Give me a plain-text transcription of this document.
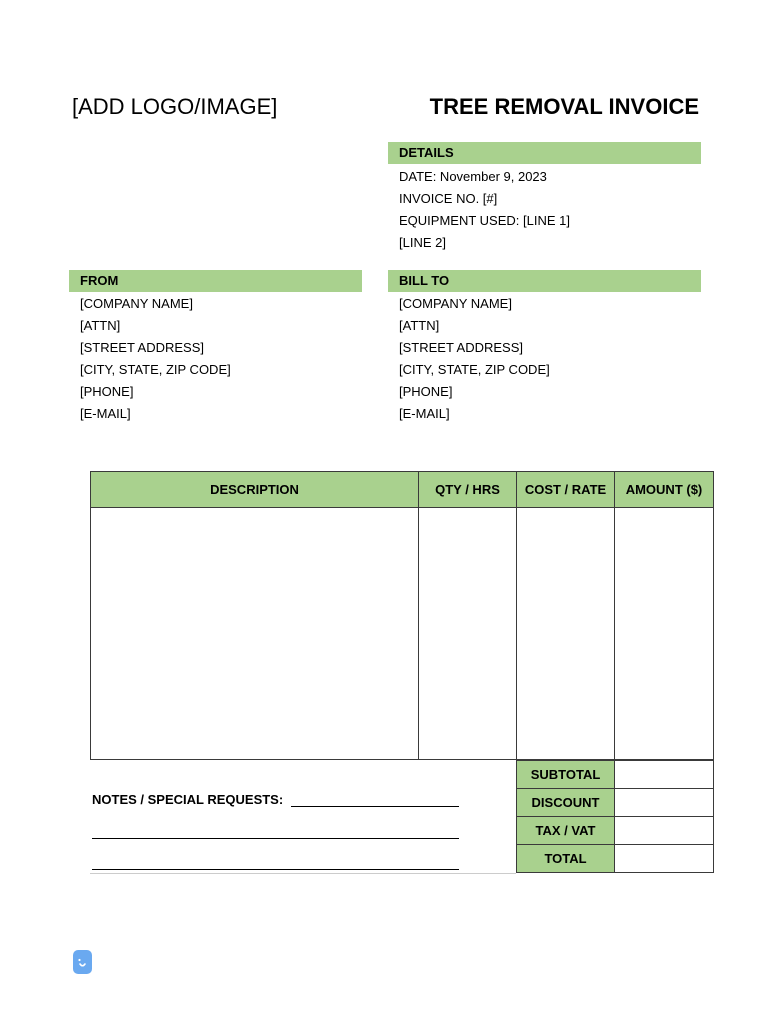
[ADD LOGO/IMAGE]	TREE REMOVAL INVOICE
DETAILS
DATE: November 9, 2023
INVOICE NO. [#]
EQUIPMENT USED: [LINE 1]
[LINE 2]
FROM
[COMPANY NAME]
[ATTN]
[STREET ADDRESS]
[CITY, STATE, ZIP CODE]
[PHONE]
[E-MAIL]
BILL TO
[COMPANY NAME]
[ATTN]
[STREET ADDRESS]
[CITY, STATE, ZIP CODE]
[PHONE]
[E-MAIL]
DESCRIPTION	QTY / HRS	COST / RATE	AMOUNT ($)

SUBTOTAL	
DISCOUNT	
TAX / VAT	
TOTAL	
NOTES / SPECIAL REQUESTS:
